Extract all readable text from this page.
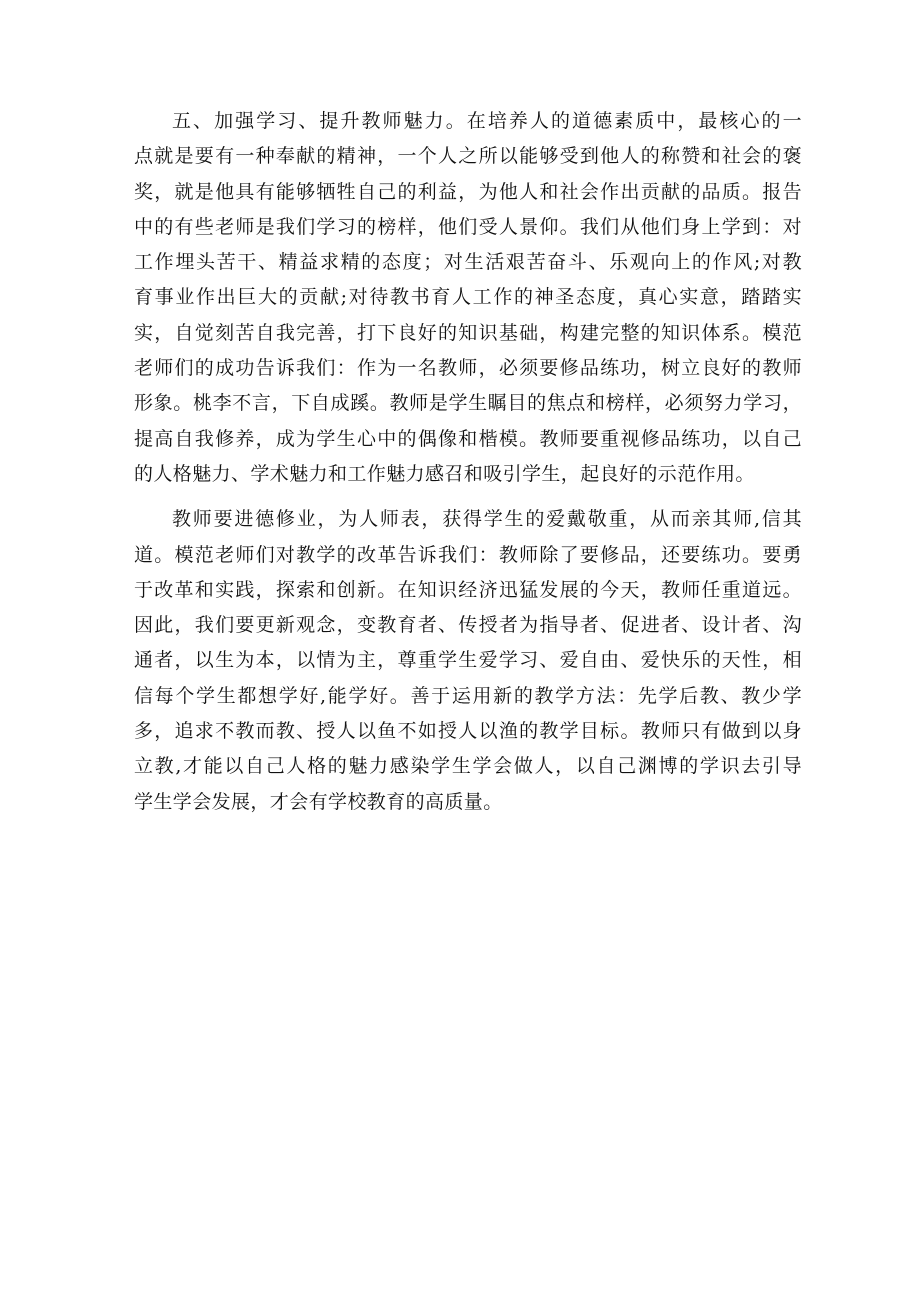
五、加强学习、提升教师魅力。在培养人的道德素质中，最核心的一
点就是要有一种奉献的精神，一个人之所以能够受到他人的称赞和社会的褒
奖，就是他具有能够牺牲自己的利益，为他人和社会作出贡献的品质。报告
中的有些老师是我们学习的榜样，他们受人景仰。我们从他们身上学到：对
工作埋头苦干、精益求精的态度；对生活艰苦奋斗、乐观向上的作风;对教
育事业作出巨大的贡献;对待教书育人工作的神圣态度，真心实意，踏踏实
实，自觉刻苦自我完善，打下良好的知识基础，构建完整的知识体系。模范
老师们的成功告诉我们：作为一名教师，必须要修品练功，树立良好的教师
形象。桃李不言，下自成蹊。教师是学生瞩目的焦点和榜样，必须努力学习，
提高自我修养，成为学生心中的偶像和楷模。教师要重视修品练功，以自己
的人格魅力、学术魅力和工作魅力感召和吸引学生，起良好的示范作用。

教师要进德修业，为人师表，获得学生的爱戴敬重，从而亲其师,信其
道。模范老师们对教学的改革告诉我们：教师除了要修品，还要练功。要勇
于改革和实践，探索和创新。在知识经济迅猛发展的今天，教师任重道远。
因此，我们要更新观念，变教育者、传授者为指导者、促进者、设计者、沟
通者，以生为本，以情为主，尊重学生爱学习、爱自由、爱快乐的天性，相
信每个学生都想学好,能学好。善于运用新的教学方法：先学后教、教少学
多，追求不教而教、授人以鱼不如授人以渔的教学目标。教师只有做到以身
立教,才能以自己人格的魅力感染学生学会做人，以自己渊博的学识去引导
学生学会发展，才会有学校教育的高质量。
